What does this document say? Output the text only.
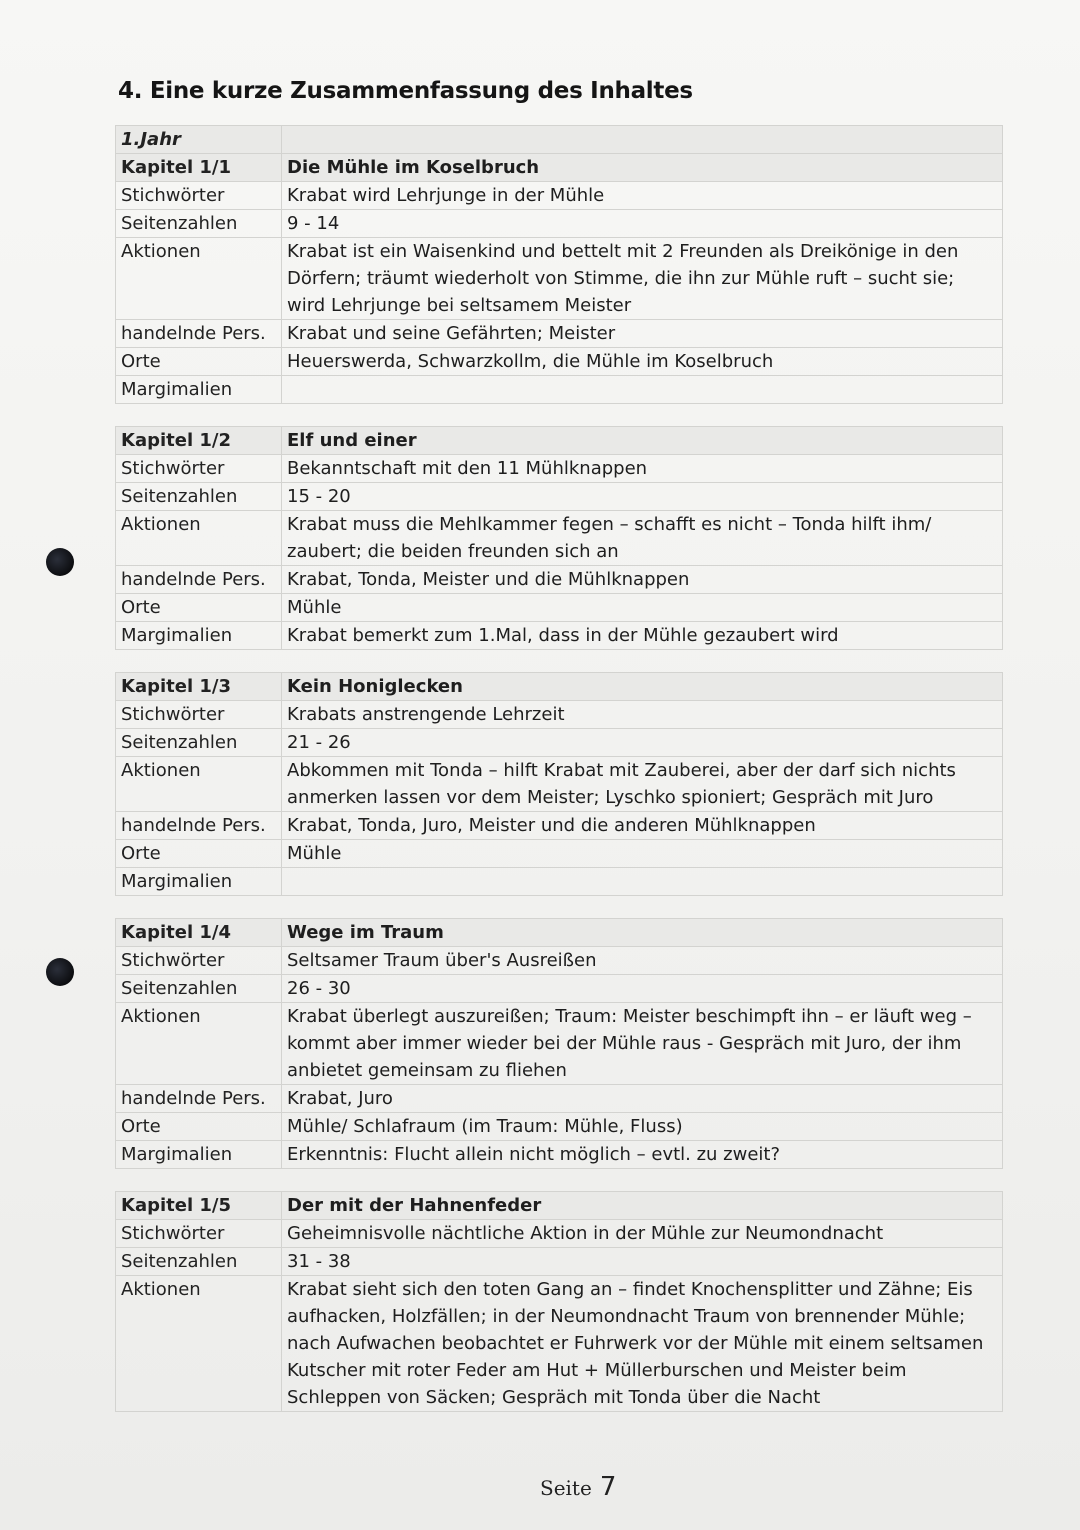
4. Eine kurze Zusammenfassung des Inhaltes
1.Jahr	
Kapitel 1/1	Die Mühle im Koselbruch
Stichwörter	Krabat wird Lehrjunge in der Mühle
Seitenzahlen	9 - 14
Aktionen	Krabat ist ein Waisenkind und bettelt mit 2 Freunden als Dreikönige in den Dörfern; träumt wiederholt von Stimme, die ihn zur Mühle ruft – sucht sie; wird Lehrjunge bei seltsamem Meister
handelnde Pers.	Krabat und seine Gefährten; Meister
Orte	Heuerswerda, Schwarzkollm, die Mühle im Koselbruch
Margimalien	
Kapitel 1/2	Elf und einer
Stichwörter	Bekanntschaft mit den 11 Mühlknappen
Seitenzahlen	15 - 20
Aktionen	Krabat muss die Mehlkammer fegen – schafft es nicht – Tonda hilft ihm/ zaubert; die beiden freunden sich an
handelnde Pers.	Krabat, Tonda, Meister und die Mühlknappen
Orte	Mühle
Margimalien	Krabat bemerkt zum 1.Mal, dass in der Mühle gezaubert wird
Kapitel 1/3	Kein Honiglecken
Stichwörter	Krabats anstrengende Lehrzeit
Seitenzahlen	21 - 26
Aktionen	Abkommen mit Tonda – hilft Krabat mit Zauberei, aber der darf sich nichts anmerken lassen vor dem Meister; Lyschko spioniert; Gespräch mit Juro
handelnde Pers.	Krabat, Tonda, Juro, Meister und die anderen Mühlknappen
Orte	Mühle
Margimalien	
Kapitel 1/4	Wege im Traum
Stichwörter	Seltsamer Traum über's Ausreißen
Seitenzahlen	26 - 30
Aktionen	Krabat überlegt auszureißen; Traum: Meister beschimpft ihn – er läuft weg – kommt aber immer wieder bei der Mühle raus - Gespräch mit Juro, der ihm anbietet gemeinsam zu fliehen
handelnde Pers.	Krabat, Juro
Orte	Mühle/ Schlafraum (im Traum: Mühle, Fluss)
Margimalien	Erkenntnis: Flucht allein nicht möglich – evtl. zu zweit?
Kapitel 1/5	Der mit der Hahnenfeder
Stichwörter	Geheimnisvolle nächtliche Aktion in der Mühle zur Neumondnacht
Seitenzahlen	31 - 38
Aktionen	Krabat sieht sich den toten Gang an – findet Knochensplitter und Zähne; Eis aufhacken, Holzfällen; in der Neumondnacht Traum von brennender Mühle; nach Aufwachen beobachtet er Fuhrwerk vor der Mühle mit einem seltsamen Kutscher mit roter Feder am Hut + Müllerburschen und Meister beim Schleppen von Säcken; Gespräch mit Tonda über die Nacht
Seite 7
